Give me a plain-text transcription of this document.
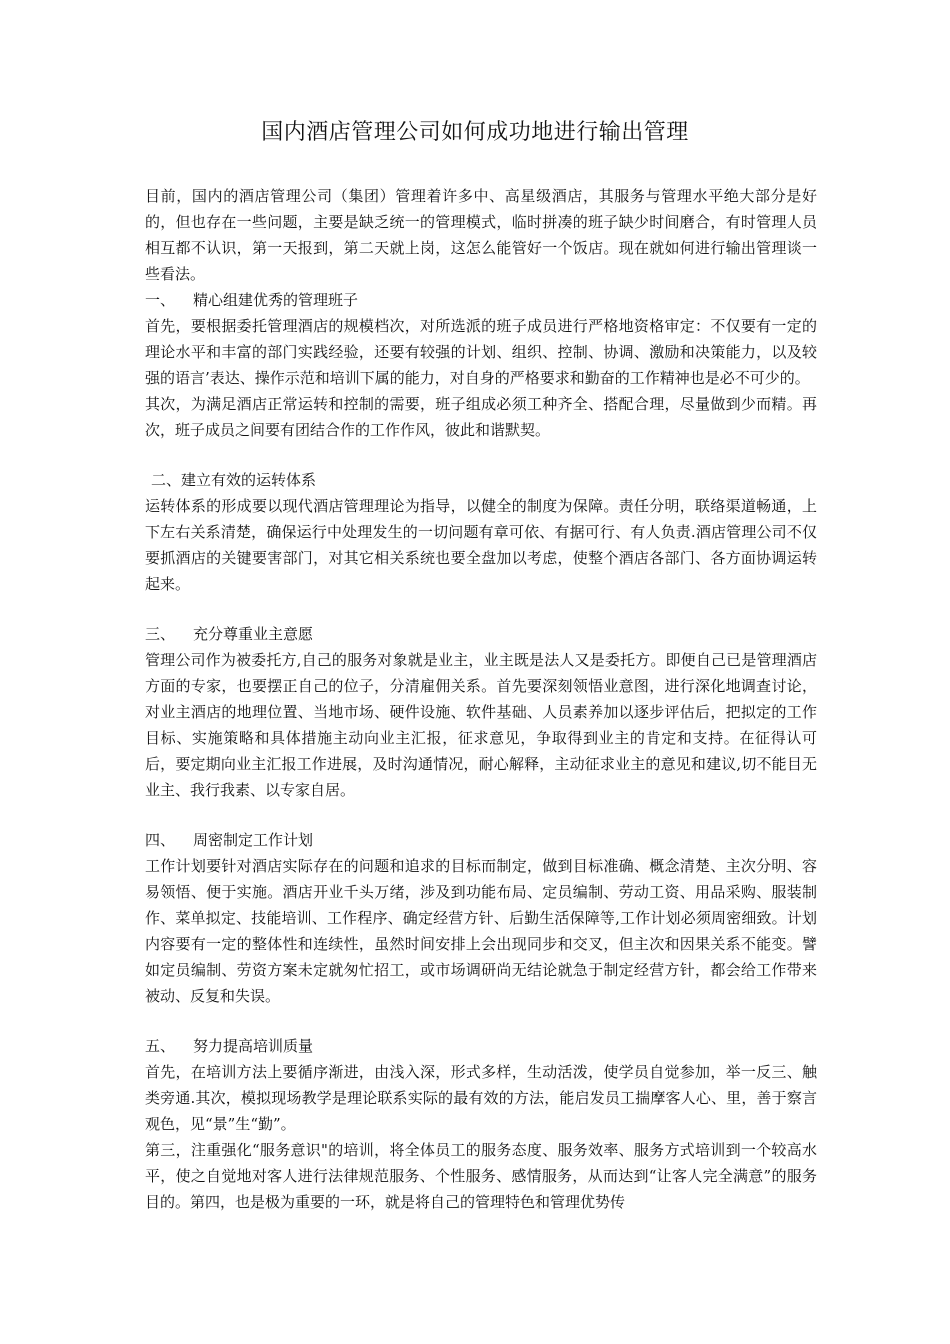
国内酒店管理公司如何成功地进行输出管理

目前，国内的酒店管理公司（集团）管理着许多中、高星级酒店，其服务与管理水平绝大部分是好的，但也存在一些问题，主要是缺乏统一的管理模式，临时拼凑的班子缺少时间磨合，有时管理人员相互都不认识，第一天报到，第二天就上岗，这怎么能管好一个饭店。现在就如何进行输出管理谈一些看法。

一、 精心组建优秀的管理班子

首先，要根据委托管理酒店的规模档次，对所选派的班子成员进行严格地资格审定：不仅要有一定的理论水平和丰富的部门实践经验，还要有较强的计划、组织、控制、协调、激励和决策能力，以及较强的语言’表达、操作示范和培训下属的能力，对自身的严格要求和勤奋的工作精神也是必不可少的。

其次，为满足酒店正常运转和控制的需要，班子组成必须工种齐全、搭配合理，尽量做到少而精。再次，班子成员之间要有团结合作的工作作风，彼此和谐默契。

二、建立有效的运转体系

运转体系的形成要以现代酒店管理理论为指导，以健全的制度为保障。责任分明，联络渠道畅通，上下左右关系清楚，确保运行中处理发生的一切问题有章可依、有据可行、有人负责.酒店管理公司不仅要抓酒店的关键要害部门，对其它相关系统也要全盘加以考虑，使整个酒店各部门、各方面协调运转起来。

三、 充分尊重业主意愿

管理公司作为被委托方,自己的服务对象就是业主，业主既是法人又是委托方。即便自己已是管理酒店方面的专家，也要摆正自己的位子，分清雇佣关系。首先要深刻领悟业意图，进行深化地调查讨论，对业主酒店的地理位置、当地市场、硬件设施、软件基础、人员素养加以逐步评估后，把拟定的工作目标、实施策略和具体措施主动向业主汇报，征求意见，争取得到业主的肯定和支持。在征得认可后，要定期向业主汇报工作进展，及时沟通情况，耐心解释，主动征求业主的意见和建议,切不能目无业主、我行我素、以专家自居。

四、 周密制定工作计划

工作计划要针对酒店实际存在的问题和追求的目标而制定，做到目标准确、概念清楚、主次分明、容易领悟、便于实施。酒店开业千头万绪，涉及到功能布局、定员编制、劳动工资、用品采购、服装制作、菜单拟定、技能培训、工作程序、确定经营方针、后勤生活保障等,工作计划必须周密细致。计划内容要有一定的整体性和连续性，虽然时间安排上会出现同步和交叉，但主次和因果关系不能变。譬如定员编制、劳资方案未定就匆忙招工，或市场调研尚无结论就急于制定经营方针，都会给工作带来被动、反复和失误。

五、 努力提高培训质量

首先，在培训方法上要循序渐进，由浅入深，形式多样，生动活泼，使学员自觉参加，举一反三、触类旁通.其次，模拟现场教学是理论联系实际的最有效的方法，能启发员工揣摩客人心、里，善于察言观色，见“景”生“勤”。

第三，注重强化“服务意识"的培训，将全体员工的服务态度、服务效率、服务方式培训到一个较高水平，使之自觉地对客人进行法律规范服务、个性服务、感情服务，从而达到“让客人完全满意”的服务目的。第四，也是极为重要的一环，就是将自己的管理特色和管理优势传
